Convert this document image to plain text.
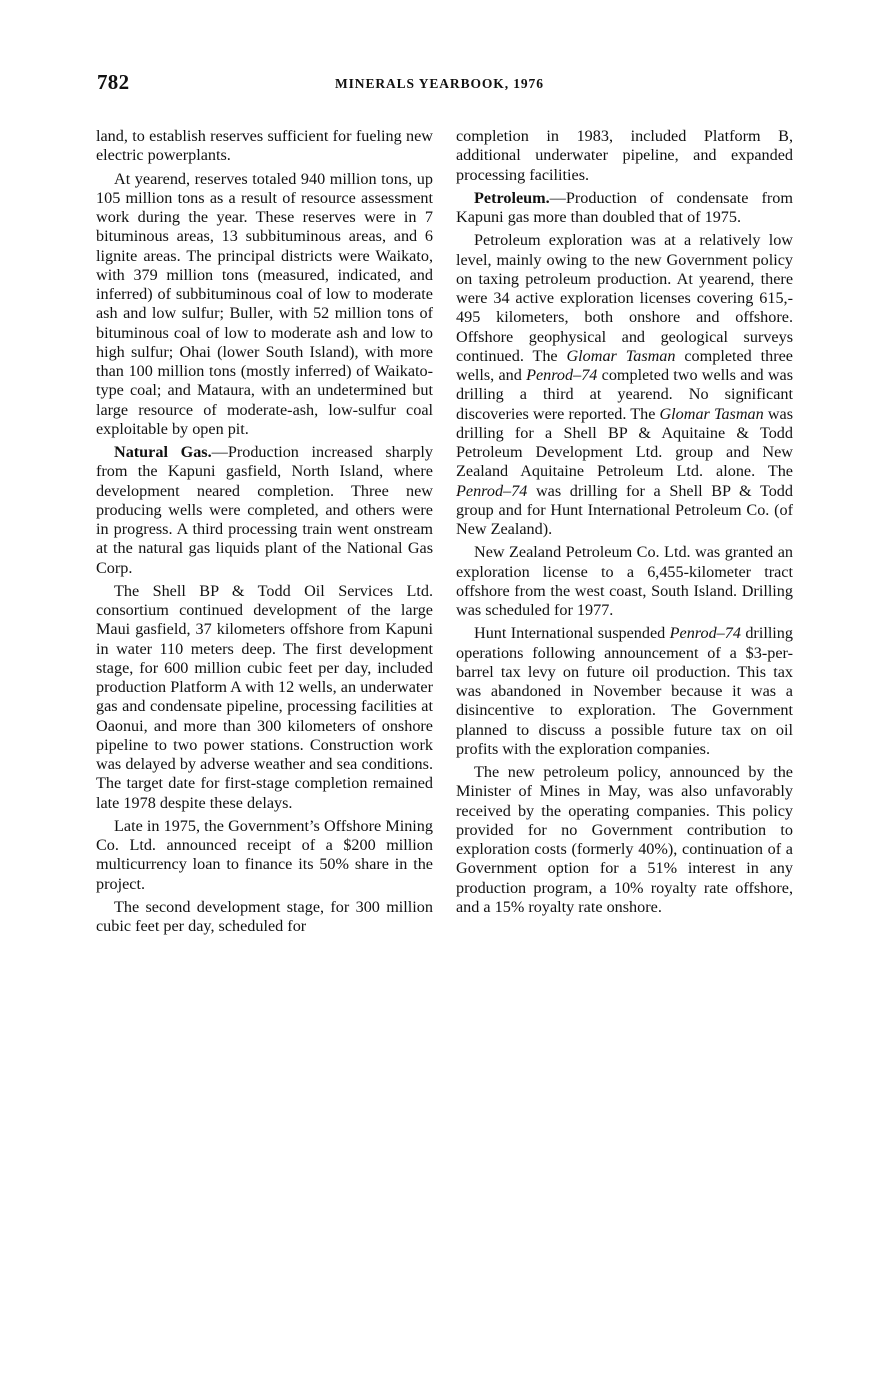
782	MINERALS YEARBOOK, 1976

land, to establish reserves sufficient for fueling new electric powerplants.

At yearend, reserves totaled 940 million tons, up 105 million tons as a result of resource assessment work during the year. These reserves were in 7 bituminous areas, 13 subbituminous areas, and 6 lignite areas. The principal districts were Waikato, with 379 million tons (measured, indicated, and inferred) of subbituminous coal of low to moderate ash and low sulfur; Buller, with 52 million tons of bituminous coal of low to moderate ash and low to high sulfur; Ohai (lower South Island), with more than 100 million tons (mostly inferred) of Waikato-type coal; and Mataura, with an undetermined but large resource of moderate-ash, low-sulfur coal exploitable by open pit.

Natural Gas.—Production increased sharply from the Kapuni gasfield, North Island, where development neared completion. Three new producing wells were completed, and others were in progress. A third processing train went onstream at the natural gas liquids plant of the National Gas Corp.

The Shell BP & Todd Oil Services Ltd. consortium continued development of the large Maui gasfield, 37 kilometers offshore from Kapuni in water 110 meters deep. The first development stage, for 600 million cubic feet per day, included production Platform A with 12 wells, an underwater gas and condensate pipeline, processing facilities at Oaonui, and more than 300 kilometers of onshore pipeline to two power stations. Construction work was delayed by adverse weather and sea conditions. The target date for first-stage completion remained late 1978 despite these delays.

Late in 1975, the Government’s Offshore Mining Co. Ltd. announced receipt of a $200 million multicurrency loan to finance its 50% share in the project.

The second development stage, for 300 million cubic feet per day, scheduled for

completion in 1983, included Platform B, additional underwater pipeline, and expanded processing facilities.

Petroleum.—Production of condensate from Kapuni gas more than doubled that of 1975.

Petroleum exploration was at a relatively low level, mainly owing to the new Government policy on taxing petroleum production. At yearend, there were 34 active exploration licenses covering 615,495 kilometers, both onshore and offshore. Offshore geophysical and geological surveys continued. The Glomar Tasman completed three wells, and Penrod–74 completed two wells and was drilling a third at yearend. No significant discoveries were reported. The Glomar Tasman was drilling for a Shell BP & Aquitaine & Todd Petroleum Development Ltd. group and New Zealand Aquitaine Petroleum Ltd. alone. The Penrod–74 was drilling for a Shell BP & Todd group and for Hunt International Petroleum Co. (of New Zealand).

New Zealand Petroleum Co. Ltd. was granted an exploration license to a 6,455-kilometer tract offshore from the west coast, South Island. Drilling was scheduled for 1977.

Hunt International suspended Penrod–74 drilling operations following announcement of a $3-per-barrel tax levy on future oil production. This tax was abandoned in November because it was a disincentive to exploration. The Government planned to discuss a possible future tax on oil profits with the exploration companies.

The new petroleum policy, announced by the Minister of Mines in May, was also unfavorably received by the operating companies. This policy provided for no Government contribution to exploration costs (formerly 40%), continuation of a Government option for a 51% interest in any production program, a 10% royalty rate offshore, and a 15% royalty rate onshore.
